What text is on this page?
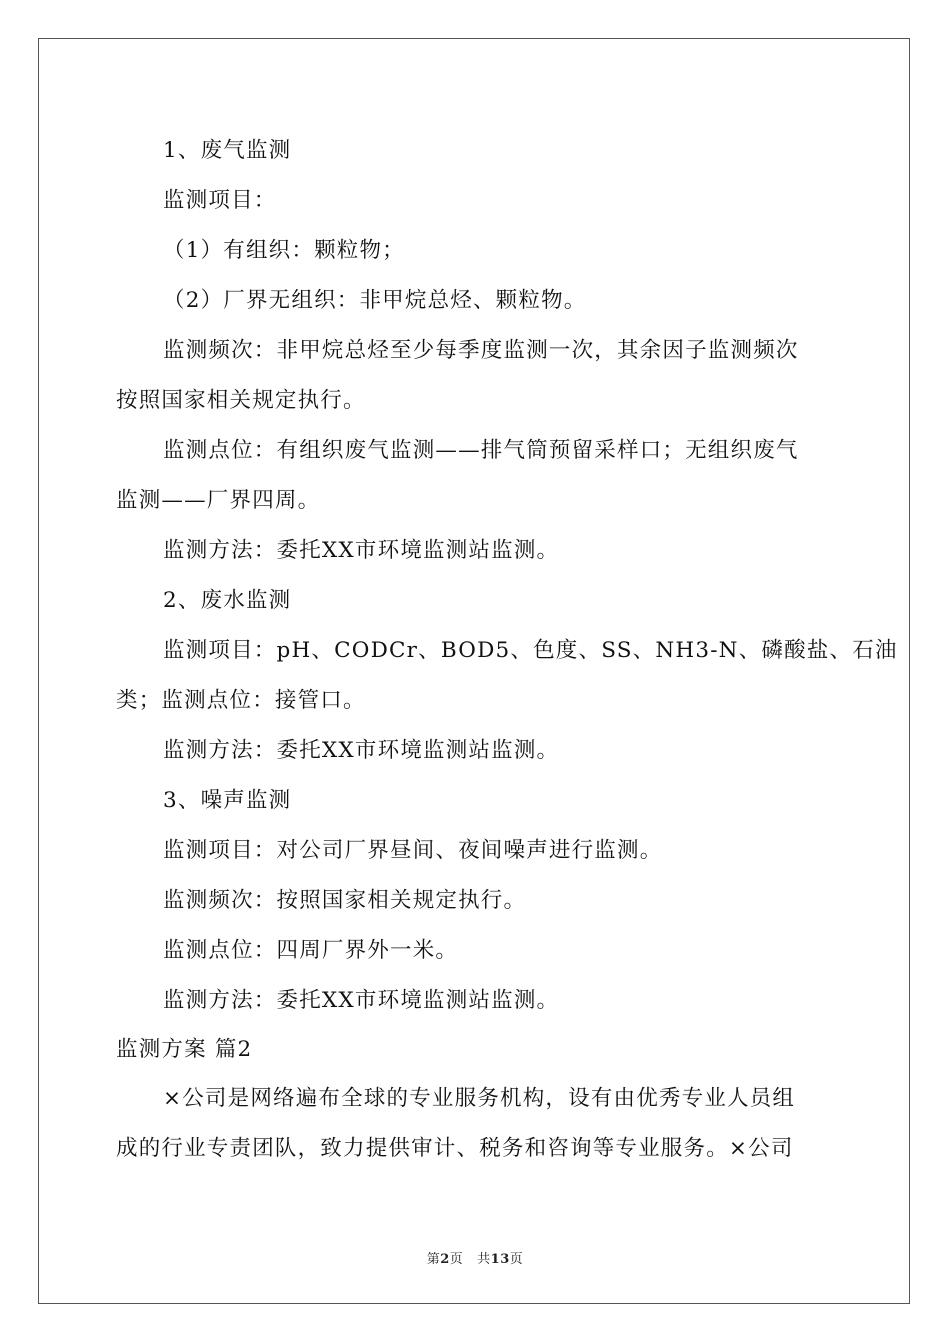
1、废气监测
监测项目：
（1）有组织：颗粒物；
（2）厂界无组织：非甲烷总烃、颗粒物。
监测频次：非甲烷总烃至少每季度监测一次，其余因子监测频次
按照国家相关规定执行。
监测点位：有组织废气监测——排气筒预留采样口；无组织废气
监测——厂界四周。
监测方法：委托XX市环境监测站监测。
2、废水监测
监测项目：pH、CODCr、BOD5、色度、SS、NH3-N、磷酸盐、石油
类；监测点位：接管口。
监测方法：委托XX市环境监测站监测。
3、噪声监测
监测项目：对公司厂界昼间、夜间噪声进行监测。
监测频次：按照国家相关规定执行。
监测点位：四周厂界外一米。
监测方法：委托XX市环境监测站监测。
监测方案 篇2
×公司是网络遍布全球的专业服务机构，设有由优秀专业人员组
成的行业专责团队，致力提供审计、税务和咨询等专业服务。×公司
第2页   共13页
